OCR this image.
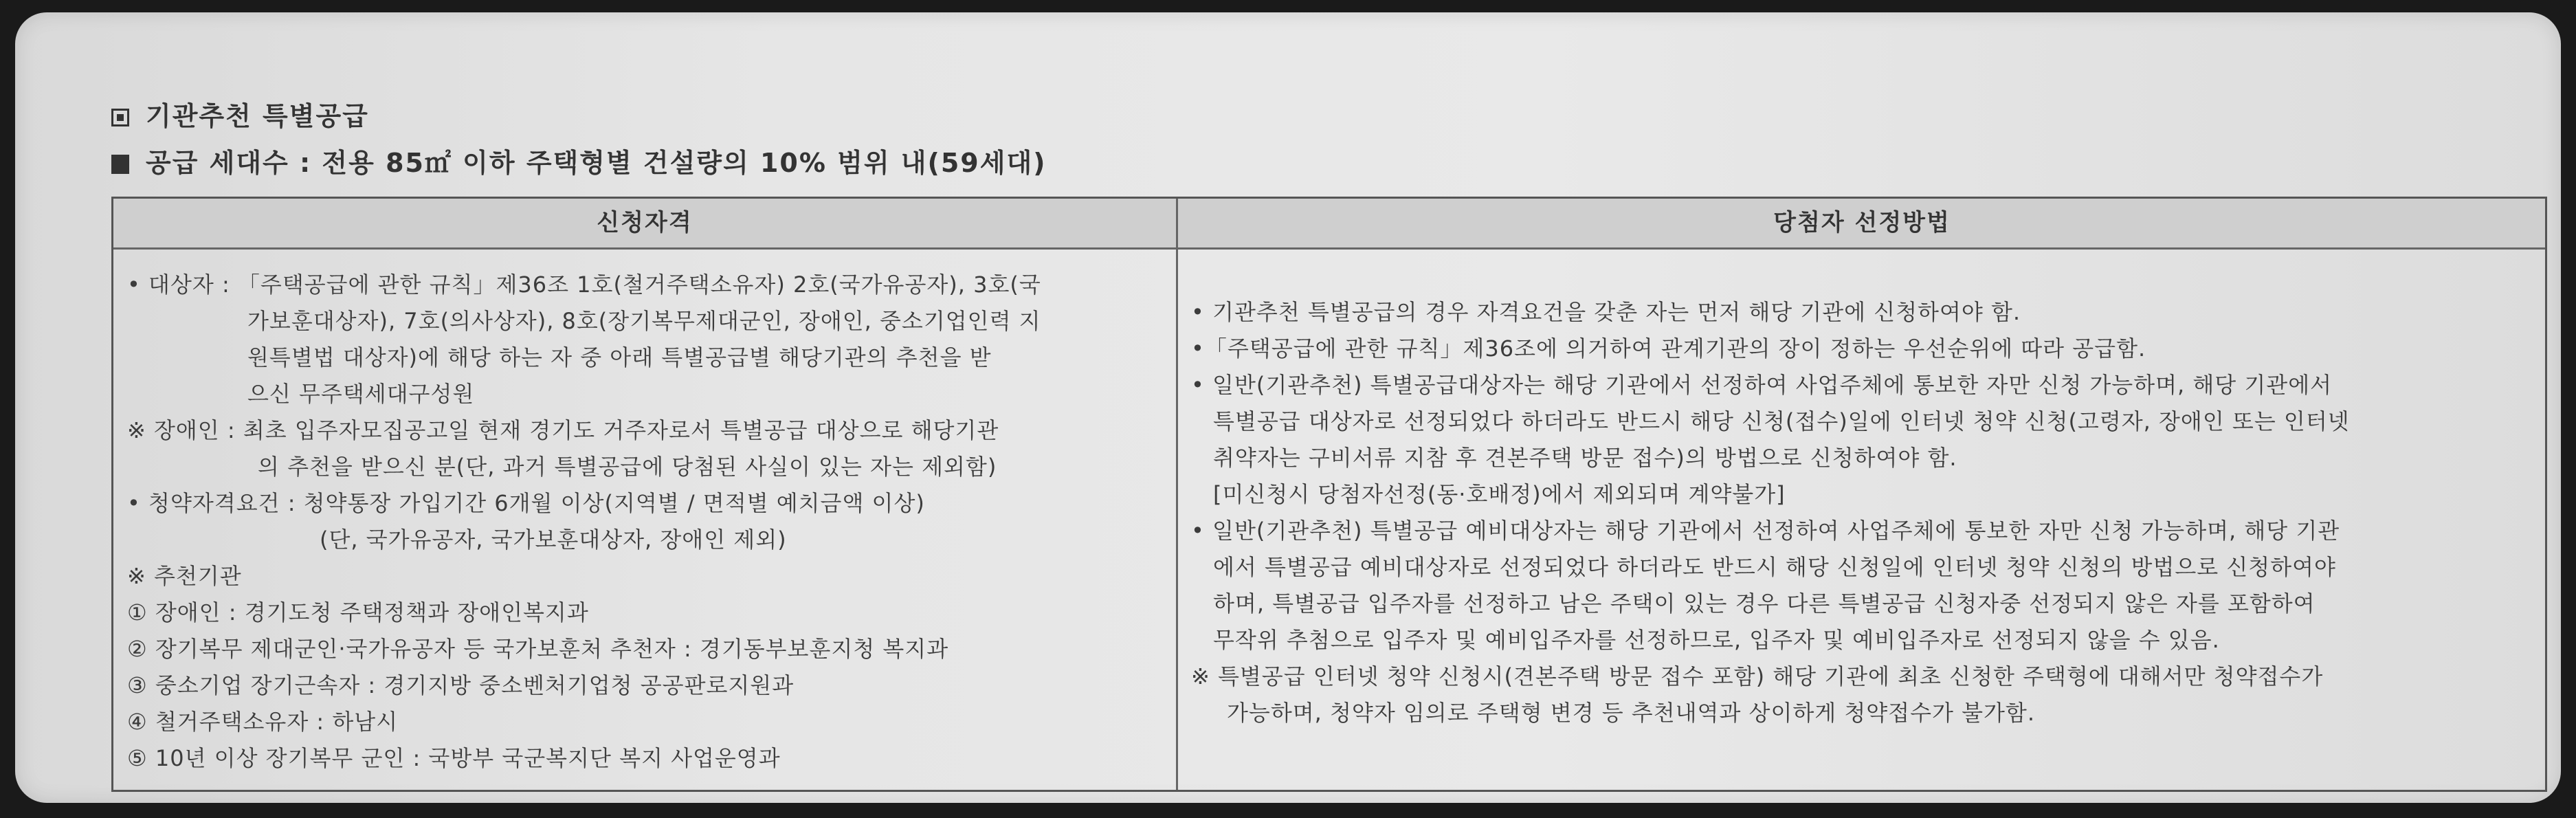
기관추천 특별공급
공급 세대수 : 전용 85㎡ 이하 주택형별 건설량의 10% 범위 내(59세대)
신청자격	당첨자 선정방법
• 대상자 : 「주택공급에 관한 규칙」제36조 1호(철거주택소유자) 2호(국가유공자), 3호(국
가보훈대상자), 7호(의사상자), 8호(장기복무제대군인, 장애인, 중소기업인력 지
원특별법 대상자)에 해당 하는 자 중 아래 특별공급별 해당기관의 추천을 받
으신 무주택세대구성원
※ 장애인 : 최초 입주자모집공고일 현재 경기도 거주자로서 특별공급 대상으로 해당기관
의 추천을 받으신 분(단, 과거 특별공급에 당첨된 사실이 있는 자는 제외함)
• 청약자격요건 : 청약통장 가입기간 6개월 이상(지역별 / 면적별 예치금액 이상)
(단, 국가유공자, 국가보훈대상자, 장애인 제외)
※ 추천기관
① 장애인 : 경기도청 주택정책과 장애인복지과
② 장기복무 제대군인‧국가유공자 등 국가보훈처 추천자 : 경기동부보훈지청 복지과
③ 중소기업 장기근속자 : 경기지방 중소벤처기업청 공공판로지원과
④ 철거주택소유자 : 하남시
⑤ 10년 이상 장기복무 군인 : 국방부 국군복지단 복지 사업운영과
• 기관추천 특별공급의 경우 자격요건을 갖춘 자는 먼저 해당 기관에 신청하여야 함.
•「주택공급에 관한 규칙」제36조에 의거하여 관계기관의 장이 정하는 우선순위에 따라 공급함.
• 일반(기관추천) 특별공급대상자는 해당 기관에서 선정하여 사업주체에 통보한 자만 신청 가능하며, 해당 기관에서
특별공급 대상자로 선정되었다 하더라도 반드시 해당 신청(접수)일에 인터넷 청약 신청(고령자, 장애인 또는 인터넷
취약자는 구비서류 지참 후 견본주택 방문 접수)의 방법으로 신청하여야 함.
[미신청시 당첨자선정(동·호배정)에서 제외되며 계약불가]
• 일반(기관추천) 특별공급 예비대상자는 해당 기관에서 선정하여 사업주체에 통보한 자만 신청 가능하며, 해당 기관
에서 특별공급 예비대상자로 선정되었다 하더라도 반드시 해당 신청일에 인터넷 청약 신청의 방법으로 신청하여야
하며, 특별공급 입주자를 선정하고 남은 주택이 있는 경우 다른 특별공급 신청자중 선정되지 않은 자를 포함하여
무작위 추첨으로 입주자 및 예비입주자를 선정하므로, 입주자 및 예비입주자로 선정되지 않을 수 있음.
※ 특별공급 인터넷 청약 신청시(견본주택 방문 접수 포함) 해당 기관에 최초 신청한 주택형에 대해서만 청약접수가
가능하며, 청약자 임의로 주택형 변경 등 추천내역과 상이하게 청약접수가 불가함.
